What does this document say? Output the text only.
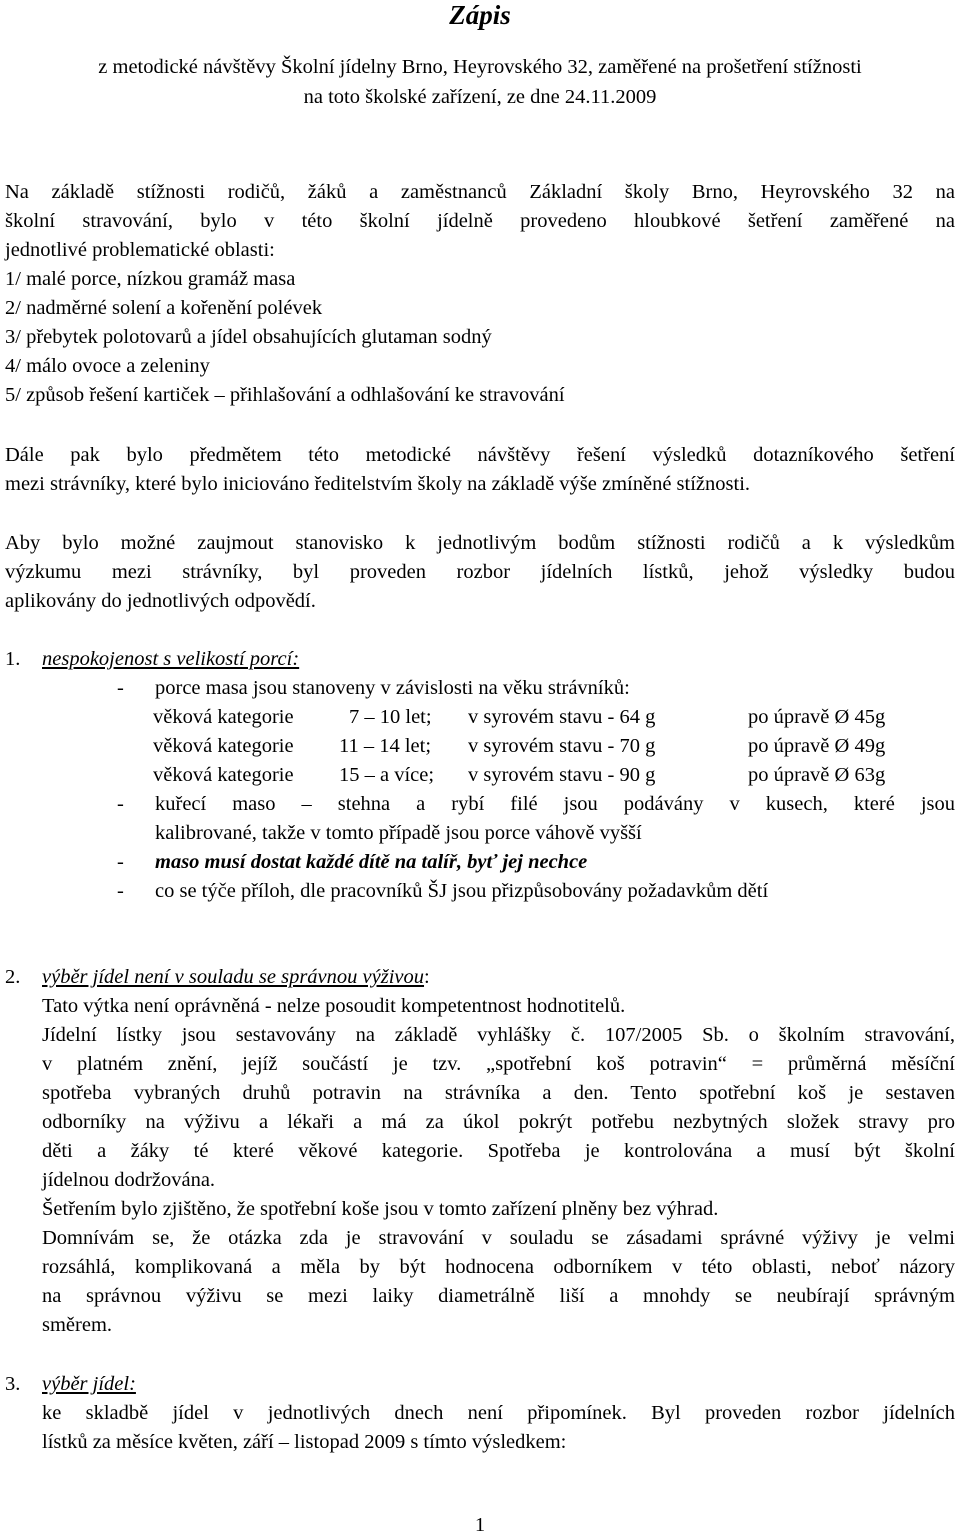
Zápis
z metodické návštěvy Školní jídelny Brno, Heyrovského 32, zaměřené na prošetření stížnosti
na toto školské zařízení, ze dne 24.11.2009
Na základě stížnosti rodičů, žáků a zaměstnanců Základní školy Brno, Heyrovského 32 na
školní stravování, bylo v této školní jídelně provedeno hloubkové šetření zaměřené na
jednotlivé problematické oblasti:
1/ malé porce, nízkou gramáž masa
2/ nadměrné solení a kořenění polévek
3/ přebytek polotovarů a jídel obsahujících glutaman sodný
4/ málo ovoce a zeleniny
5/ způsob řešení kartiček – přihlašování a odhlašování ke stravování
Dále pak bylo předmětem této metodické návštěvy řešení výsledků dotazníkového šetření
mezi strávníky, které bylo iniciováno ředitelstvím školy na základě výše zmíněné stížnosti.
Aby bylo možné zaujmout stanovisko k jednotlivým bodům stížnosti rodičů a k výsledkům
výzkumu mezi strávníky, byl proveden rozbor jídelních lístků, jehož výsledky budou
aplikovány do jednotlivých odpovědí.
1. nespokojenost s velikostí porcí:
- porce masa jsou stanoveny v závislosti na věku strávníků:
věková kategorie	7 – 10 let; v syrovém stavu - 64 g	po úpravě Ø 45g
věková kategorie 11 – 14 let; v syrovém stavu - 70 g	po úpravě Ø 49g
věková kategorie 15 – a více; v syrovém stavu - 90 g	po úpravě Ø 63g
- kuřecí maso – stehna a rybí filé jsou podávány v kusech, které jsou
kalibrované, takže v tomto případě jsou porce váhově vyšší
- maso musí dostat každé dítě na talíř, byť jej nechce
- co se týče příloh, dle pracovníků ŠJ jsou přizpůsobovány požadavkům dětí
2. výběr jídel není v souladu se správnou výživou:
Tato výtka není oprávněná - nelze posoudit kompetentnost hodnotitelů.
Jídelní lístky jsou sestavovány na základě vyhlášky č. 107/2005 Sb. o školním stravování,
v platném znění, jejíž součástí je tzv. „spotřební koš potravin“ = průměrná měsíční
spotřeba vybraných druhů potravin na strávníka a den. Tento spotřební koš je sestaven
odborníky na výživu a lékaři a má za úkol pokrýt potřebu nezbytných složek stravy pro
děti a žáky té které věkové kategorie. Spotřeba je kontrolována a musí být školní
jídelnou dodržována.
Šetřením bylo zjištěno, že spotřební koše jsou v tomto zařízení plněny bez výhrad.
Domnívám se, že otázka zda je stravování v souladu se zásadami správné výživy je velmi
rozsáhlá, komplikovaná a měla by být hodnocena odborníkem v této oblasti, neboť názory
na správnou výživu se mezi laiky diametrálně liší a mnohdy se neubírají správným
směrem.
3. výběr jídel:
ke skladbě jídel v jednotlivých dnech není připomínek. Byl proveden rozbor jídelních
lístků za měsíce květen, září – listopad 2009 s tímto výsledkem:
1
